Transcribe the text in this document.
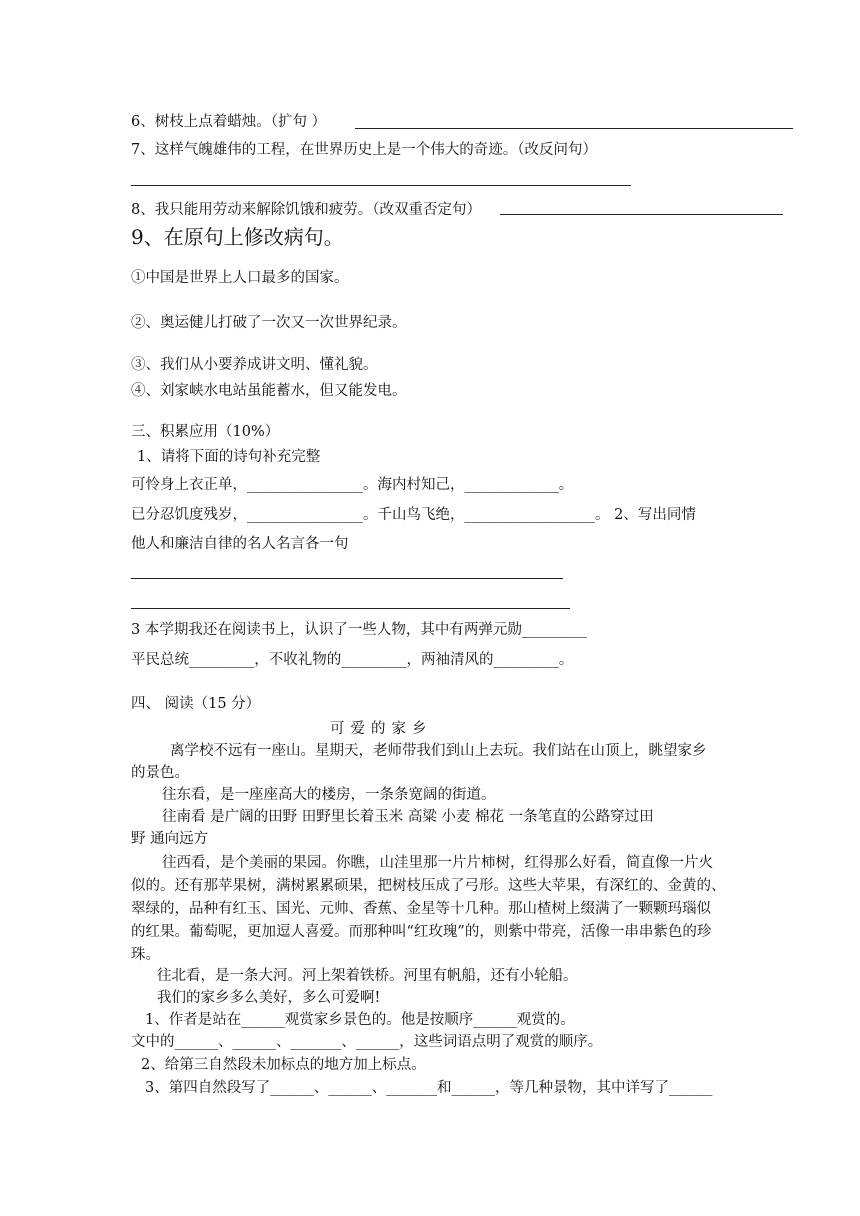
6、树枝上点着蜡烛。（扩句 ）
7、这样气魄雄伟的工程，在世界历史上是一个伟大的奇迹。（改反问句）
8、我只能用劳动来解除饥饿和疲劳。（改双重否定句）
9、在原句上修改病句。
①中国是世界上人口最多的国家。
②、奥运健儿打破了一次又一次世界纪录。
③、我们从小要养成讲文明、懂礼貌。
④、刘家峡水电站虽能蓄水，但又能发电。
三、积累应用（10%）
1、请将下面的诗句补充完整
可怜身上衣正单，________________。海内村知己，_____________。
已分忍饥度残岁，________________。千山鸟飞绝，__________________。 2、写出同情
他人和廉洁自律的名人名言各一句
3 本学期我还在阅读书上，认识了一些人物，其中有两弹元勋_________
平民总统_________，不收礼物的_________，两袖清风的_________。
四、 阅读（15 分）
可爱的家乡
离学校不远有一座山。星期天，老师带我们到山上去玩。我们站在山顶上，眺望家乡
的景色。
往东看，是一座座高大的楼房，一条条宽阔的街道。
往南看 是广阔的田野 田野里长着玉米 高粱 小麦 棉花 一条笔直的公路穿过田
野 通向远方
往西看，是个美丽的果园。你瞧，山洼里那一片片柿树，红得那么好看，简直像一片火
似的。还有那苹果树，满树累累硕果，把树枝压成了弓形。这些大苹果，有深红的、金黄的、
翠绿的，品种有红玉、国光、元帅、香蕉、金星等十几种。那山楂树上缀满了一颗颗玛瑙似
的红果。葡萄呢，更加逗人喜爱。而那种叫“红玫瑰”的，则紫中带亮，活像一串串紫色的珍
珠。
往北看，是一条大河。河上架着铁桥。河里有帆船，还有小轮船。
我们的家乡多么美好，多么可爱啊!
1、作者是站在______观赏家乡景色的。他是按顺序______观赏的。
文中的______、______、_______、______，这些词语点明了观赏的顺序。
2、给第三自然段未加标点的地方加上标点。
3、第四自然段写了______、______、_______和______，等几种景物，其中详写了______
